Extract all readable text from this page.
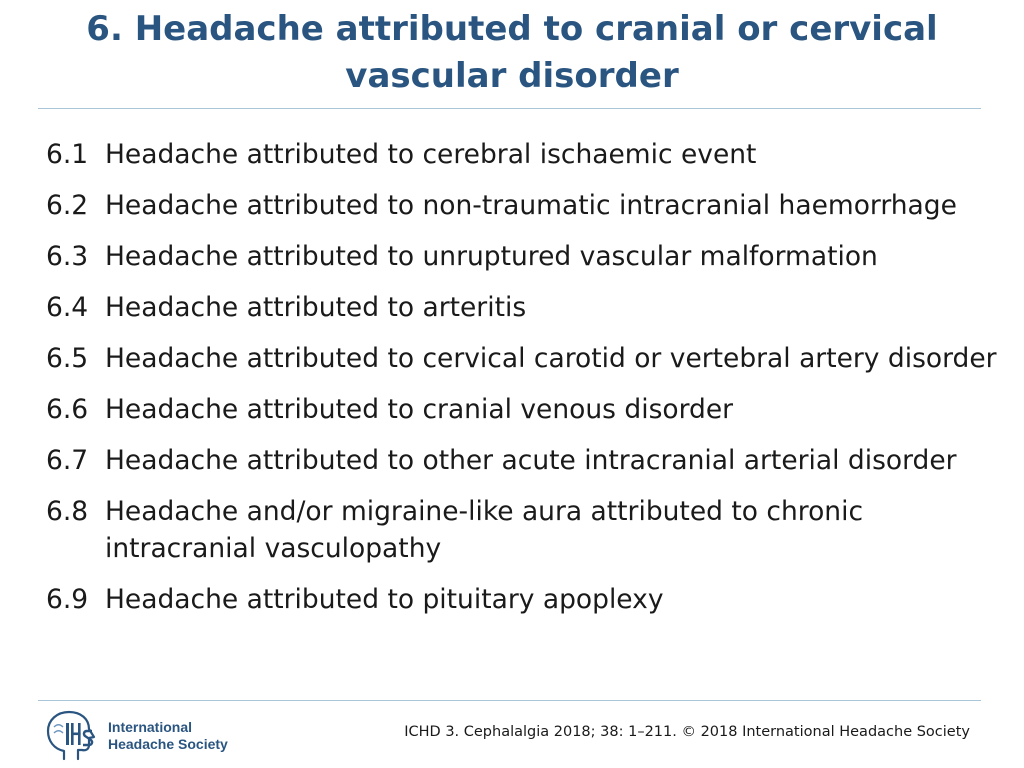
6. Headache attributed to cranial or cervical vascular disorder
6.1 Headache attributed to cerebral ischaemic event
6.2 Headache attributed to non-traumatic intracranial haemorrhage
6.3 Headache attributed to unruptured vascular malformation
6.4 Headache attributed to arteritis
6.5 Headache attributed to cervical carotid or vertebral artery disorder
6.6 Headache attributed to cranial venous disorder
6.7 Headache attributed to other acute intracranial arterial disorder
6.8 Headache and/or migraine-like aura attributed to chronic intracranial vasculopathy
6.9 Headache attributed to pituitary apoplexy
International
Headache Society
ICHD 3. Cephalalgia 2018; 38: 1–211. © 2018 International Headache Society
